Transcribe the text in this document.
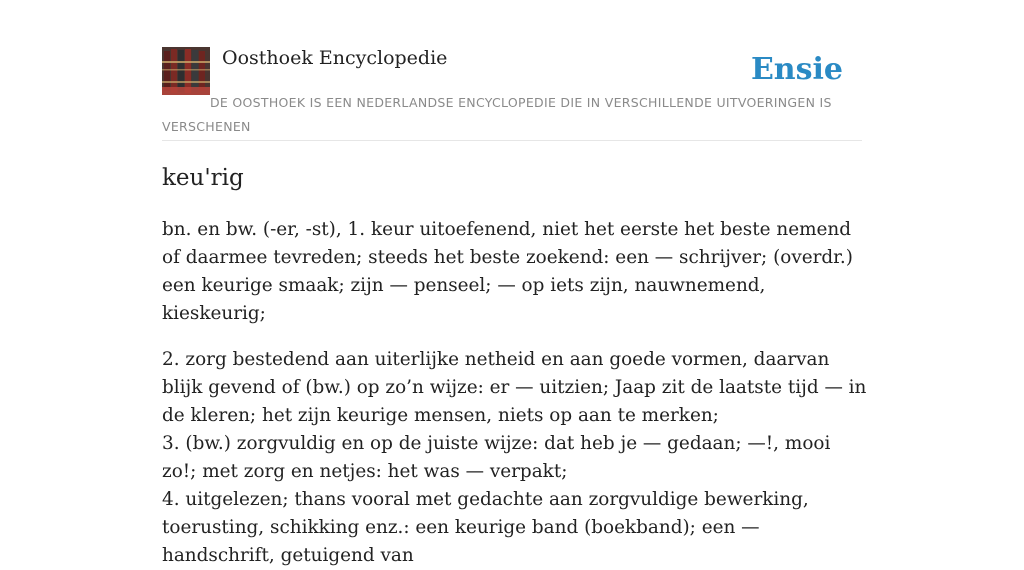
Oosthoek Encyclopedie	Ensie
DE OOSTHOEK IS EEN NEDERLANDSE ENCYCLOPEDIE DIE IN VERSCHILLENDE UITVOERINGEN IS VERSCHENEN
keu'rig

bn. en bw. (-er, -st), 1. keur uitoefenend, niet het eerste het beste nemend of daarmee tevreden; steeds het beste zoekend: een — schrijver; (overdr.) een keurige smaak; zijn — penseel; — op iets zijn, nauwnemend, kieskeurig;

2. zorg bestedend aan uiterlijke netheid en aan goede vormen, daarvan blijk gevend of (bw.) op zo’n wijze: er — uitzien; Jaap zit de laatste tijd — in de kleren; het zijn keurige mensen, niets op aan te merken;
3. (bw.) zorgvuldig en op de juiste wijze: dat heb je — gedaan; —!, mooi zo!; met zorg en netjes: het was — verpakt;
4. uitgelezen; thans vooral met gedachte aan zorgvuldige bewerking, toerusting, schikking enz.: een keurige band (boekband); een — handschrift, getuigend van
